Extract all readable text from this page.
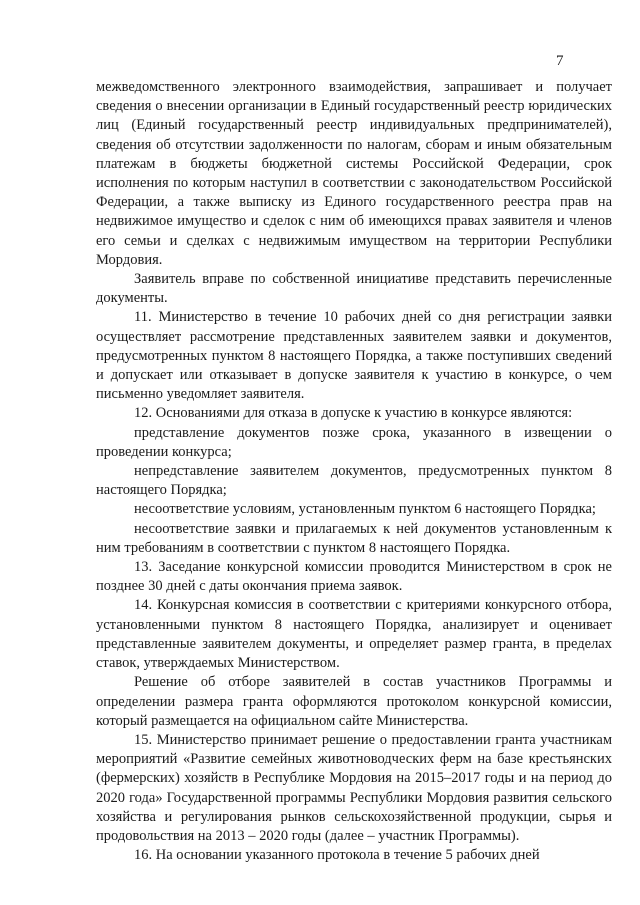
7

межведомственного электронного взаимодействия, запрашивает и получает сведения о внесении организации в Единый государственный реестр юридических лиц (Единый государственный реестр индивидуальных предпринимателей), сведения об отсутствии задолженности по налогам, сборам и иным обязательным платежам в бюджеты бюджетной системы Российской Федерации, срок исполнения по которым наступил в соответствии с законодательством Российской Федерации, а также выписку из Единого государственного реестра прав на недвижимое имущество и сделок с ним об имеющихся правах заявителя и членов его семьи и сделках с недвижимым имуществом на территории Республики Мордовия.

Заявитель вправе по собственной инициативе представить перечисленные документы.

11. Министерство в течение 10 рабочих дней со дня регистрации заявки осуществляет рассмотрение представленных заявителем заявки и документов, предусмотренных пунктом 8 настоящего Порядка, а также поступивших сведений и допускает или отказывает в допуске заявителя к участию в конкурсе, о чем письменно уведомляет заявителя.

12. Основаниями для отказа в допуске к участию в конкурсе являются:

представление документов позже срока, указанного в извещении о проведении конкурса;

непредставление заявителем документов, предусмотренных пунктом 8 настоящего Порядка;

несоответствие условиям, установленным пунктом 6 настоящего Порядка;

несоответствие заявки и прилагаемых к ней документов установленным к ним требованиям в соответствии с пунктом 8 настоящего Порядка.

13. Заседание конкурсной комиссии проводится Министерством в срок не позднее 30 дней с даты окончания приема заявок.

14. Конкурсная комиссия в соответствии с критериями конкурсного отбора, установленными пунктом 8 настоящего Порядка, анализирует и оценивает представленные заявителем документы, и определяет размер гранта, в пределах ставок, утверждаемых Министерством.

Решение об отборе заявителей в состав участников Программы и определении размера гранта оформляются протоколом конкурсной комиссии, который размещается на официальном сайте Министерства.

15. Министерство принимает решение о предоставлении гранта участникам мероприятий «Развитие семейных животноводческих ферм на базе крестьянских (фермерских) хозяйств в Республике Мордовия на 2015–2017 годы и на период до 2020 года» Государственной программы Республики Мордовия развития сельского хозяйства и регулирования рынков сельскохозяйственной продукции, сырья и продовольствия на 2013 – 2020 годы (далее – участник Программы).

16. На основании указанного протокола в течение 5 рабочих дней
